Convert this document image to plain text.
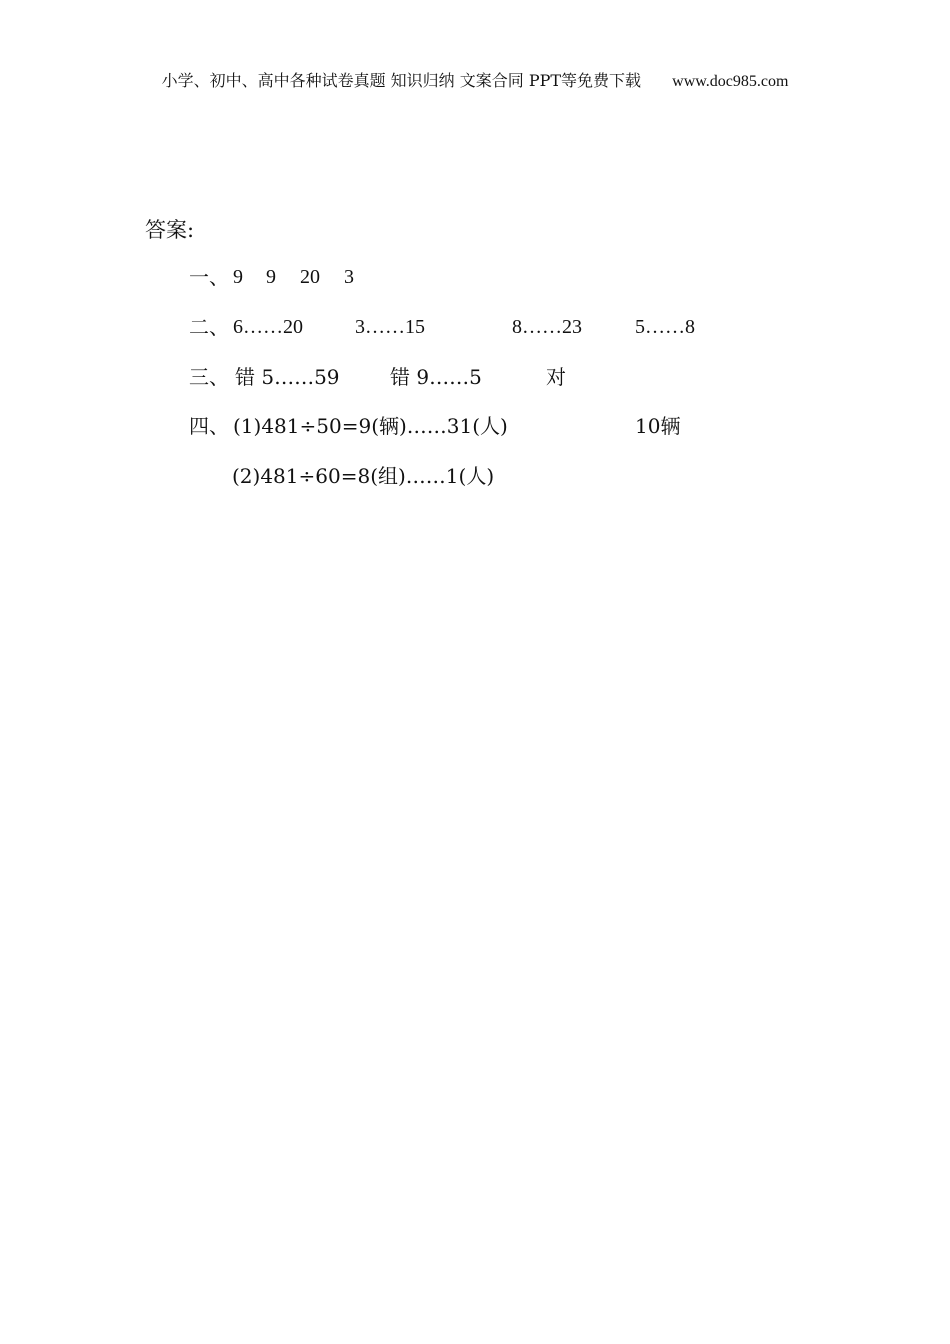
小学、初中、高中各种试卷真题 知识归纳 文案合同 PPT等免费下载 www.doc985.com
答案:
一、 9 9 20 3
二、 6……20	3……15	8……23	5……8
三、 错 5……59	错 9……5	对
四、 (1)481÷50=9(辆)……31(人)	10辆
(2)481÷60=8(组)……1(人)
